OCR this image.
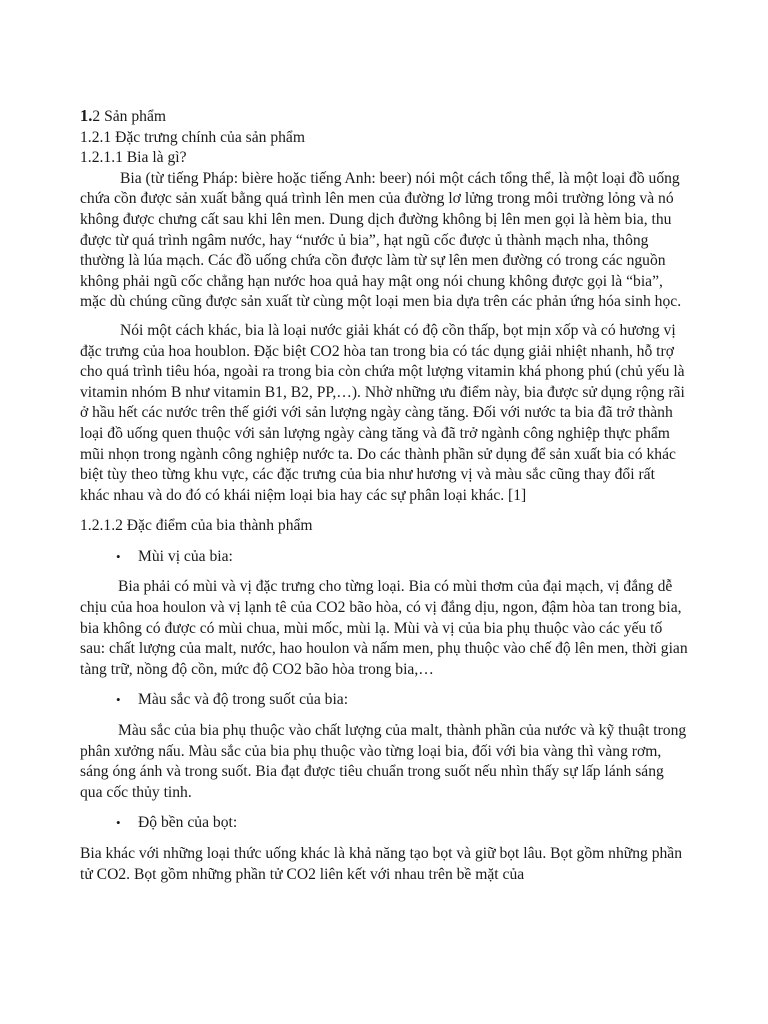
1.2 Sản phẩm

1.2.1 Đặc trưng chính của sản phẩm

1.2.1.1 Bia là gì?

Bia (từ tiếng Pháp: bière hoặc tiếng Anh: beer) nói một cách tổng thể, là một loại đồ uống chứa cồn được sản xuất bằng quá trình lên men của đường lơ lửng trong môi trường lỏng và nó không được chưng cất sau khi lên men. Dung dịch đường không bị lên men gọi là hèm bia, thu được từ quá trình ngâm nước, hay “nước ủ bia”, hạt ngũ cốc được ủ thành mạch nha, thông thường là lúa mạch. Các đồ uống chứa cồn được làm từ sự lên men đường có trong các nguồn không phải ngũ cốc chẳng hạn nước hoa quả hay mật ong nói chung không được gọi là “bia”, mặc dù chúng cũng được sản xuất từ cùng một loại men bia dựa trên các phản ứng hóa sinh học.

Nói một cách khác, bia là loại nước giải khát có độ cồn thấp, bọt mịn xốp và có hương vị đặc trưng của hoa houblon. Đặc biệt CO2 hòa tan trong bia có tác dụng giải nhiệt nhanh, hỗ trợ cho quá trình tiêu hóa, ngoài ra trong bia còn chứa một lượng vitamin khá phong phú (chủ yếu là vitamin nhóm B như vitamin B1, B2, PP,…). Nhờ những ưu điểm này, bia được sử dụng rộng rãi ở hầu hết các nước trên thế giới với sản lượng ngày càng tăng. Đối với nước ta bia đã trở thành loại đồ uống quen thuộc với sản lượng ngày càng tăng và đã trở ngành công nghiệp thực phẩm mũi nhọn trong ngành công nghiệp nước ta. Do các thành phần sử dụng để sản xuất bia có khác biệt tùy theo từng khu vực, các đặc trưng của bia như hương vị và màu sắc cũng thay đổi rất khác nhau và do đó có khái niệm loại bia hay các sự phân loại khác. [1]

1.2.1.2 Đặc điểm của bia thành phẩm

• Mùi vị của bia:

Bia phải có mùi và vị đặc trưng cho từng loại. Bia có mùi thơm của đại mạch, vị đắng dễ chịu của hoa houlon và vị lạnh tê của CO2 bão hòa, có vị đắng dịu, ngon, đậm hòa tan trong bia, bia không có được có mùi chua, mùi mốc, mùi lạ. Mùi và vị của bia phụ thuộc vào các yếu tố sau: chất lượng của malt, nước, hao houlon và nấm men, phụ thuộc vào chế độ lên men, thời gian tàng trữ, nồng độ cồn, mức độ CO2 bão hòa trong bia,…

• Màu sắc và độ trong suốt của bia:

Màu sắc của bia phụ thuộc vào chất lượng của malt, thành phần của nước và kỹ thuật trong phân xưởng nấu. Màu sắc của bia phụ thuộc vào từng loại bia, đối với bia vàng thì vàng rơm, sáng óng ánh và trong suốt. Bia đạt được tiêu chuẩn trong suốt nếu nhìn thấy sự lấp lánh sáng qua cốc thủy tinh.

• Độ bền của bọt:

Bia khác với những loại thức uống khác là khả năng tạo bọt và giữ bọt lâu. Bọt gồm những phần tử CO2. Bọt gồm những phần tử CO2 liên kết với nhau trên bề mặt của
